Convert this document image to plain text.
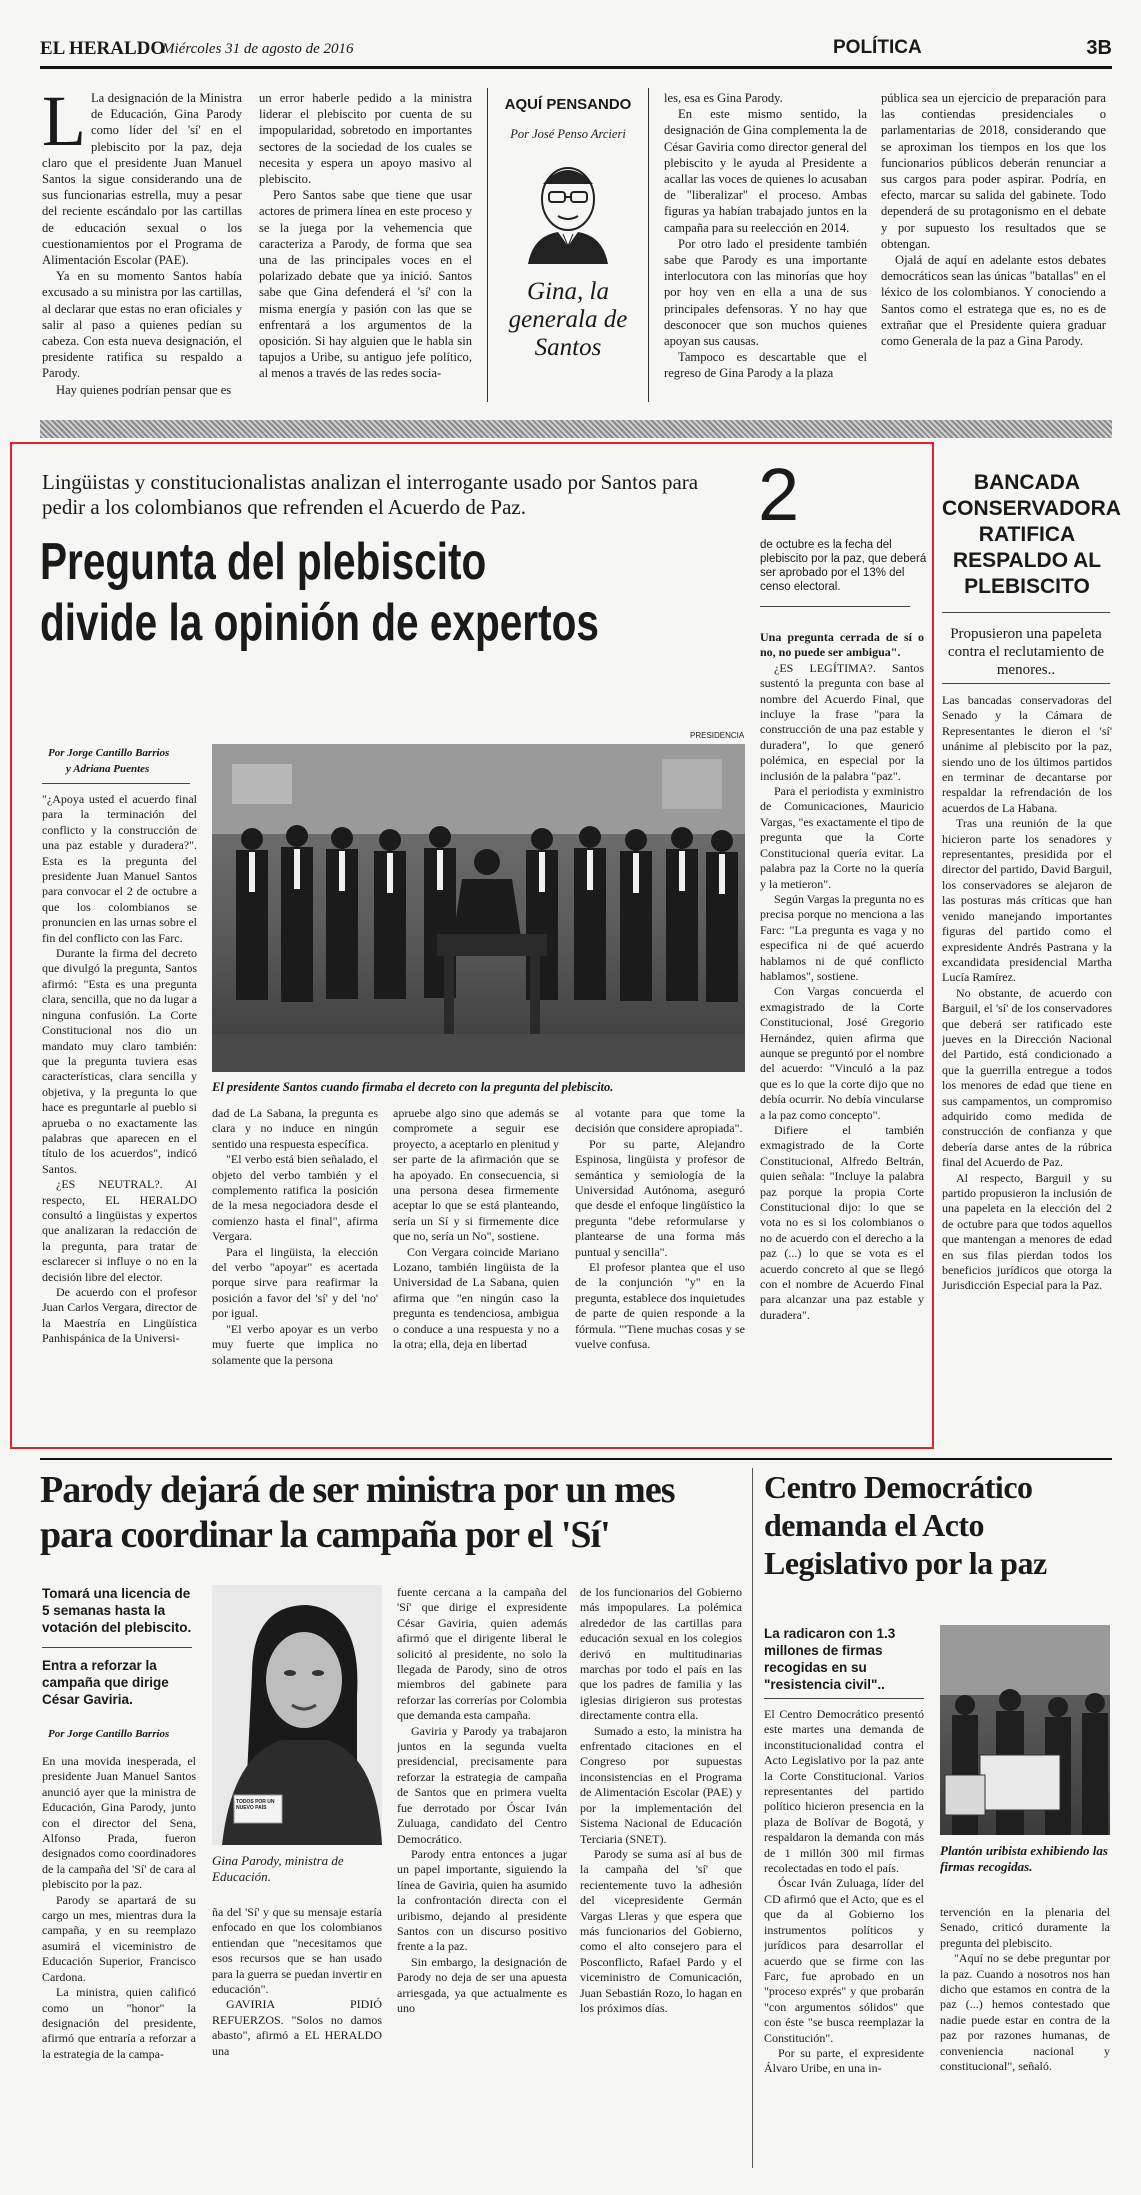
EL HERALDO
Miércoles 31 de agosto de 2016	POLÍTICA	3B

L La designación de la Ministra de Educación, Gina Parody como líder del 'sí' en el plebiscito por la paz, deja claro que el presidente Juan Manuel Santos la sigue considerando una de sus funcionarias estrella, muy a pesar del reciente escándalo por las cartillas de educación sexual o los cuestionamientos por el Programa de Alimentación Escolar (PAE).

Ya en su momento Santos había excusado a su ministra por las cartillas, al declarar que estas no eran oficiales y salir al paso a quienes pedían su cabeza. Con esta nueva designación, el presidente ratifica su respaldo a Parody.

Hay quienes podrían pensar que es

un error haberle pedido a la ministra liderar el plebiscito por cuenta de su impopularidad, sobretodo en importantes sectores de la sociedad de los cuales se necesita y espera un apoyo masivo al plebiscito.

Pero Santos sabe que tiene que usar actores de primera línea en este proceso y se la juega por la vehemencia que caracteriza a Parody, de forma que sea una de las principales voces en el polarizado debate que ya inició. Santos sabe que Gina defenderá el 'sí' con la misma energía y pasión con las que se enfrentará a los argumentos de la oposición. Si hay alguien que le habla sin tapujos a Uribe, su antiguo jefe político, al menos a través de las redes socia-

AQUÍ PENSANDO
Por José Penso Arcieri
Gina, la generala de Santos

les, esa es Gina Parody.

En este mismo sentido, la designación de Gina complementa la de César Gaviria como director general del plebiscito y le ayuda al Presidente a acallar las voces de quienes lo acusaban de "liberalizar" el proceso. Ambas figuras ya habían trabajado juntos en la campaña para su reelección en 2014.

Por otro lado el presidente también sabe que Parody es una importante interlocutora con las minorías que hoy por hoy ven en ella a una de sus principales defensoras. Y no hay que desconocer que son muchos quienes apoyan sus causas.

Tampoco es descartable que el regreso de Gina Parody a la plaza

pública sea un ejercicio de preparación para las contiendas presidenciales o parlamentarias de 2018, considerando que se aproximan los tiempos en los que los funcionarios públicos deberán renunciar a sus cargos para poder aspirar. Podría, en efecto, marcar su salida del gabinete. Todo dependerá de su protagonismo en el debate y por supuesto los resultados que se obtengan.

Ojalá de aquí en adelante estos debates democráticos sean las únicas "batallas" en el léxico de los colombianos. Y conociendo a Santos como el estratega que es, no es de extrañar que el Presidente quiera graduar como Generala de la paz a Gina Parody.

Lingüistas y constitucionalistas analizan el interrogante usado por Santos para pedir a los colombianos que refrenden el Acuerdo de Paz.
Pregunta del plebiscito
divide la opinión de expertos
2
de octubre es la fecha del plebiscito por la paz, que deberá ser aprobado por el 13% del censo electoral.
Por Jorge Cantillo Barrios
y Adriana Puentes
PRESIDENCIA
El presidente Santos cuando firmaba el decreto con la pregunta del plebiscito.

"¿Apoya usted el acuerdo final para la terminación del conflicto y la construcción de una paz estable y duradera?". Esta es la pregunta del presidente Juan Manuel Santos para convocar el 2 de octubre a que los colombianos se pronuncien en las urnas sobre el fin del conflicto con las Farc.

Durante la firma del decreto que divulgó la pregunta, Santos afirmó: "Esta es una pregunta clara, sencilla, que no da lugar a ninguna confusión. La Corte Constitucional nos dio un mandato muy claro también: que la pregunta tuviera esas características, clara sencilla y objetiva, y la pregunta lo que hace es preguntarle al pueblo si aprueba o no exactamente las palabras que aparecen en el título de los acuerdos", indicó Santos.

¿ES NEUTRAL?. Al respecto, EL HERALDO consultó a lingüistas y expertos que analizaran la redacción de la pregunta, para tratar de esclarecer si influye o no en la decisión libre del elector.

De acuerdo con el profesor Juan Carlos Vergara, director de la Maestría en Lingüística Panhispánica de la Universi-

dad de La Sabana, la pregunta es clara y no induce en ningún sentido una respuesta específica.

"El verbo está bien señalado, el objeto del verbo también y el complemento ratifica la posición de la mesa negociadora desde el comienzo hasta el final", afirma Vergara.

Para el lingüista, la elección del verbo "apoyar" es acertada porque sirve para reafirmar la posición a favor del 'sí' y del 'no' por igual.

"El verbo apoyar es un verbo muy fuerte que implica no solamente que la persona

apruebe algo sino que además se compromete a seguir ese proyecto, a aceptarlo en plenitud y ser parte de la afirmación que se ha apoyado. En consecuencia, si una persona desea firmemente aceptar lo que se está planteando, sería un Sí y si firmemente dice que no, sería un No", sostiene.

Con Vergara coincide Mariano Lozano, también lingüista de la Universidad de La Sabana, quien afirma que "en ningún caso la pregunta es tendenciosa, ambigua o conduce a una respuesta y no a la otra; ella, deja en libertad

al votante para que tome la decisión que considere apropiada".

Por su parte, Alejandro Espinosa, lingüista y profesor de semántica y semiología de la Universidad Autónoma, aseguró que desde el enfoque lingüístico la pregunta "debe reformularse y plantearse de una forma más puntual y sencilla".

El profesor plantea que el uso de la conjunción "y" en la pregunta, establece dos inquietudes de parte de quien responde a la fórmula. "'Tiene muchas cosas y se vuelve confusa.

Una pregunta cerrada de sí o no, no puede ser ambigua".

¿ES LEGÍTIMA?. Santos sustentó la pregunta con base al nombre del Acuerdo Final, que incluye la frase "para la construcción de una paz estable y duradera", lo que generó polémica, en especial por la inclusión de la palabra "paz".

Para el periodista y exministro de Comunicaciones, Mauricio Vargas, "es exactamente el tipo de pregunta que la Corte Constitucional quería evitar. La palabra paz la Corte no la quería y la metieron".

Según Vargas la pregunta no es precisa porque no menciona a las Farc: "La pregunta es vaga y no especifica ni de qué acuerdo hablamos ni de qué conflicto hablamos", sostiene.

Con Vargas concuerda el exmagistrado de la Corte Constitucional, José Gregorio Hernández, quien afirma que aunque se preguntó por el nombre del acuerdo: "Vinculó a la paz que es lo que la corte dijo que no debía ocurrir. No debía vincularse a la paz como concepto".

Difiere el también exmagistrado de la Corte Constitucional, Alfredo Beltrán, quien señala: "Incluye la palabra paz porque la propia Corte Constitucional dijo: lo que se vota no es si los colombianos o no de acuerdo con el derecho a la paz (...) lo que se vota es el acuerdo concreto al que se llegó con el nombre de Acuerdo Final para alcanzar una paz estable y duradera".

BANCADA CONSERVADORA RATIFICA RESPALDO AL PLEBISCITO
Propusieron una papeleta contra el reclutamiento de menores..

Las bancadas conservadoras del Senado y la Cámara de Representantes le dieron el 'sí' unánime al plebiscito por la paz, siendo uno de los últimos partidos en terminar de decantarse por respaldar la refrendación de los acuerdos de La Habana.

Tras una reunión de la que hicieron parte los senadores y representantes, presidida por el director del partido, David Barguil, los conservadores se alejaron de las posturas más críticas que han venido manejando importantes figuras del partido como el expresidente Andrés Pastrana y la excandidata presidencial Martha Lucía Ramírez.

No obstante, de acuerdo con Barguil, el 'sí' de los conservadores que deberá ser ratificado este jueves en la Dirección Nacional del Partido, está condicionado a que la guerrilla entregue a todos los menores de edad que tiene en sus campamentos, un compromiso adquirido como medida de construcción de confianza y que debería darse antes de la rúbrica final del Acuerdo de Paz.

Al respecto, Barguil y su partido propusieron la inclusión de una papeleta en la elección del 2 de octubre para que todos aquellos que mantengan a menores de edad en sus filas pierdan todos los beneficios jurídicos que otorga la Jurisdicción Especial para la Paz.

Parody dejará de ser ministra por un mes
para coordinar la campaña por el 'Sí'
Tomará una licencia de 5 semanas hasta la votación del plebiscito.
Entra a reforzar la campaña que dirige César Gaviria.
Por Jorge Cantillo Barrios

En una movida inesperada, el presidente Juan Manuel Santos anunció ayer que la ministra de Educación, Gina Parody, junto con el director del Sena, Alfonso Prada, fueron designados como coordinadores de la campaña del 'Sí' de cara al plebiscito por la paz.

Parody se apartará de su cargo un mes, mientras dura la campaña, y en su reemplazo asumirá el viceministro de Educación Superior, Francisco Cardona.

La ministra, quien calificó como un "honor" la designación del presidente, afirmó que entraría a reforzar a la estrategia de la campa-

TODOS POR UN NUEVO PAÍS
Gina Parody, ministra de Educación.

ña del 'Sí' y que su mensaje estaría enfocado en que los colombianos entiendan que "necesitamos que esos recursos que se han usado para la guerra se puedan invertir en educación".

GAVIRIA PIDIÓ REFUERZOS. "Solos no damos abasto", afirmó a EL HERALDO una

fuente cercana a la campaña del 'Sí' que dirige el expresidente César Gaviria, quien además afirmó que el dirigente liberal le solicitó al presidente, no solo la llegada de Parody, sino de otros miembros del gabinete para reforzar las correrías por Colombia que demanda esta campaña.

Gaviria y Parody ya trabajaron juntos en la segunda vuelta presidencial, precisamente para reforzar la estrategia de campaña de Santos que en primera vuelta fue derrotado por Óscar Iván Zuluaga, candidato del Centro Democrático.

Parody entra entonces a jugar un papel importante, siguiendo la línea de Gaviria, quien ha asumido la confrontación directa con el uribismo, dejando al presidente Santos con un discurso positivo frente a la paz.

Sin embargo, la designación de Parody no deja de ser una apuesta arriesgada, ya que actualmente es uno

de los funcionarios del Gobierno más impopulares. La polémica alrededor de las cartillas para educación sexual en los colegios derivó en multitudinarias marchas por todo el país en las que los padres de familia y las iglesias dirigieron sus protestas directamente contra ella.

Sumado a esto, la ministra ha enfrentado citaciones en el Congreso por supuestas inconsistencias en el Programa de Alimentación Escolar (PAE) y por la implementación del Sistema Nacional de Educación Terciaria (SNET).

Parody se suma así al bus de la campaña del 'sí' que recientemente tuvo la adhesión del vicepresidente Germán Vargas Lleras y que espera que más funcionarios del Gobierno, como el alto consejero para el Posconflicto, Rafael Pardo y el viceministro de Comunicación, Juan Sebastián Rozo, lo hagan en los próximos días.

Centro Democrático demanda el Acto Legislativo por la paz
La radicaron con 1.3 millones de firmas recogidas en su "resistencia civil"..
Plantón uribista exhibiendo las firmas recogidas.

El Centro Democrático presentó este martes una demanda de inconstitucionalidad contra el Acto Legislativo por la paz ante la Corte Constitucional. Varios representantes del partido político hicieron presencia en la plaza de Bolívar de Bogotá, y respaldaron la demanda con más de 1 millón 300 mil firmas recolectadas en todo el país.

Óscar Iván Zuluaga, líder del CD afirmó que el Acto, que es el que da al Gobierno los instrumentos políticos y jurídicos para desarrollar el acuerdo que se firme con las Farc, fue aprobado en un "proceso exprés" y que probarán "con argumentos sólidos" que con éste "se busca reemplazar la Constitución".

Por su parte, el expresidente Álvaro Uribe, en una in-

tervención en la plenaria del Senado, criticó duramente la pregunta del plebiscito.

"Aquí no se debe preguntar por la paz. Cuando a nosotros nos han dicho que estamos en contra de la paz (...) hemos contestado que nadie puede estar en contra de la paz por razones humanas, de conveniencia nacional y constitucional", señaló.
